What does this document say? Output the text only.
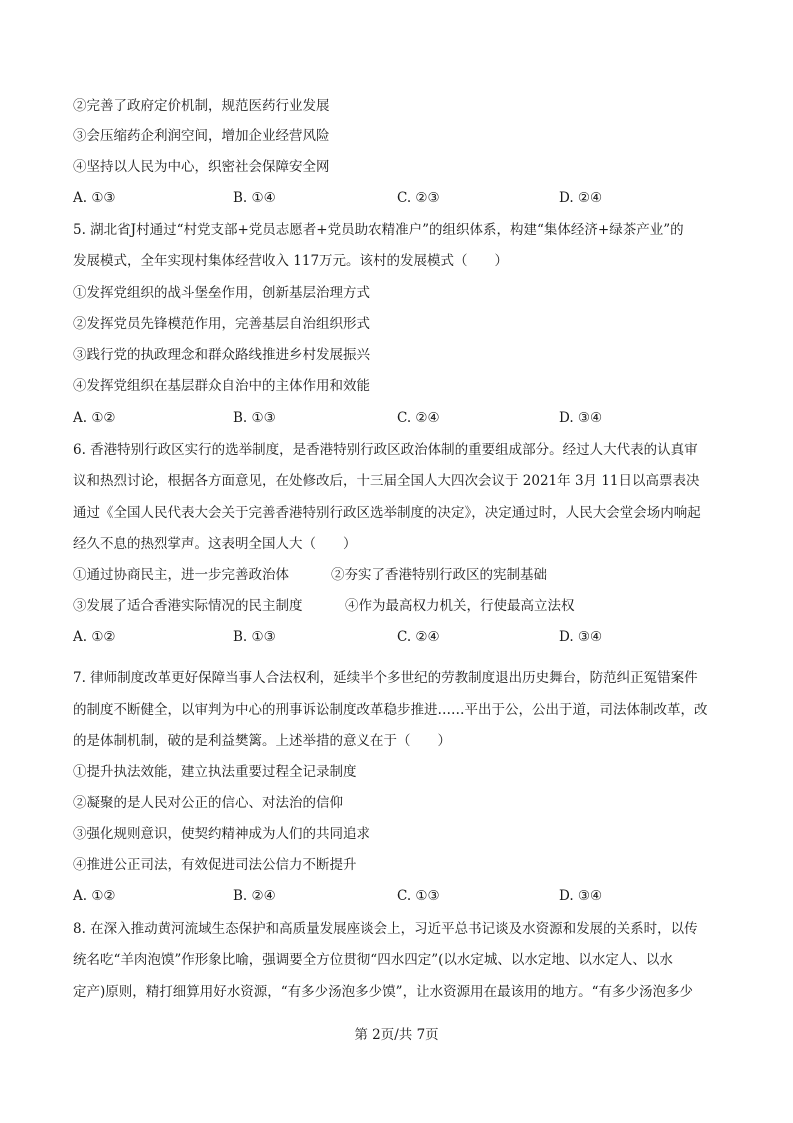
②完善了政府定价机制，规范医药行业发展
③会压缩药企利润空间，增加企业经营风险
④坚持以人民为中心，织密社会保障安全网
A. ①③	B. ①④	C. ②③	D. ②④
5. 湖北省J村通过“村党支部+党员志愿者+党员助农精准户”的组织体系，构建“集体经济+绿茶产业”的
发展模式，全年实现村集体经营收入 117万元。该村的发展模式（　　）
①发挥党组织的战斗堡垒作用，创新基层治理方式
②发挥党员先锋模范作用，完善基层自治组织形式
③践行党的执政理念和群众路线推进乡村发展振兴
④发挥党组织在基层群众自治中的主体作用和效能
A. ①②	B. ①③	C. ②④	D. ③④
6. 香港特别行政区实行的选举制度，是香港特别行政区政治体制的重要组成部分。经过人大代表的认真审
议和热烈讨论，根据各方面意见，在处修改后，十三届全国人大四次会议于 2021年 3月 11日以高票表决
通过《全国人民代表大会关于完善香港特别行政区选举制度的决定》，决定通过时，人民大会堂会场内响起
经久不息的热烈掌声。这表明全国人大（　　）
①通过协商民主，进一步完善政治体	②夯实了香港特别行政区的宪制基础
③发展了适合香港实际情况的民主制度	④作为最高权力机关，行使最高立法权
A. ①②	B. ①③	C. ②④	D. ③④
7. 律师制度改革更好保障当事人合法权利，延续半个多世纪的劳教制度退出历史舞台，防范纠正冤错案件
的制度不断健全，以审判为中心的刑事诉讼制度改革稳步推进……平出于公，公出于道，司法体制改革，改
的是体制机制，破的是利益樊篱。上述举措的意义在于（　　）
①提升执法效能，建立执法重要过程全记录制度
②凝聚的是人民对公正的信心、对法治的信仰
③强化规则意识，使契约精神成为人们的共同追求
④推进公正司法，有效促进司法公信力不断提升
A. ①②	B. ②④	C. ①③	D. ③④
8. 在深入推动黄河流域生态保护和高质量发展座谈会上，习近平总书记谈及水资源和发展的关系时，以传
统名吃“羊肉泡馍”作形象比喻，强调要全方位贯彻“四水四定”(以水定城、以水定地、以水定人、以水
定产)原则，精打细算用好水资源，“有多少汤泡多少馍”，让水资源用在最该用的地方。“有多少汤泡多少
第 2页/共 7页
